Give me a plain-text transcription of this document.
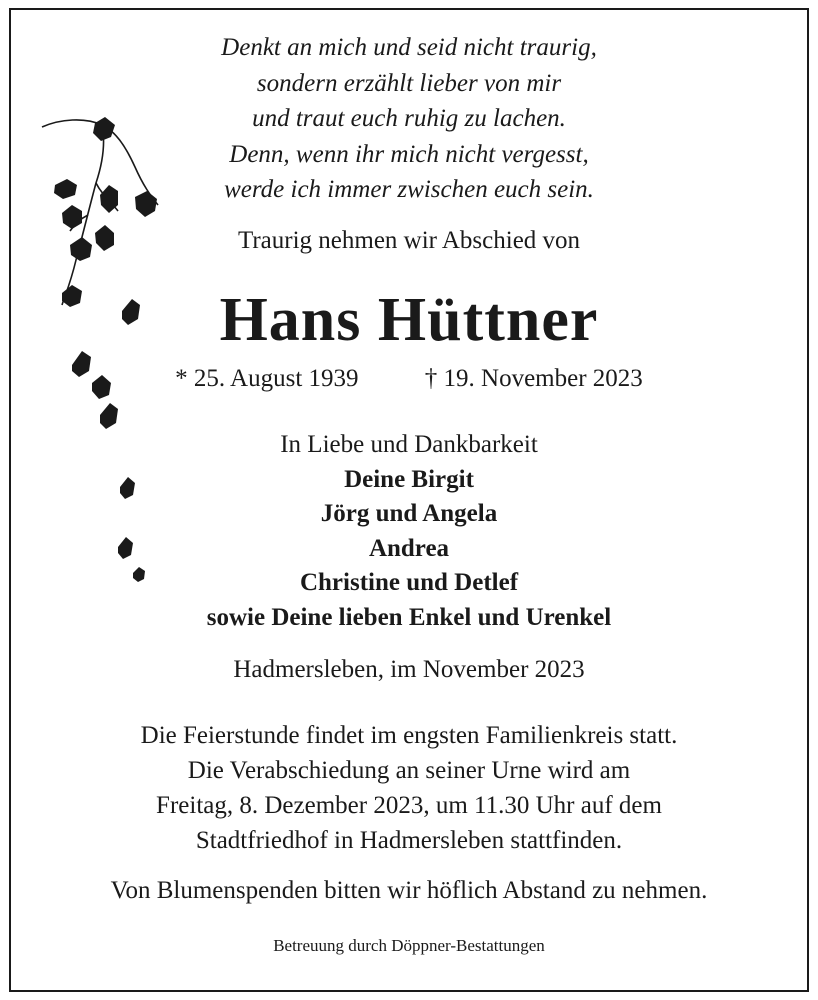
Denkt an mich und seid nicht traurig,
sondern erzählt lieber von mir
und traut euch ruhig zu lachen.
Denn, wenn ihr mich nicht vergesst,
werde ich immer zwischen euch sein.
Traurig nehmen wir Abschied von
Hans Hüttner
* 25. August 1939	† 19. November 2023
In Liebe und Dankbarkeit
Deine Birgit
Jörg und Angela
Andrea
Christine und Detlef
sowie Deine lieben Enkel und Urenkel
Hadmersleben, im November 2023
Die Feierstunde findet im engsten Familienkreis statt.
Die Verabschiedung an seiner Urne wird am
Freitag, 8. Dezember 2023, um 11.30 Uhr auf dem
Stadtfriedhof in Hadmersleben stattfinden.
Von Blumenspenden bitten wir höflich Abstand zu nehmen.
Betreuung durch Döppner-Bestattungen
